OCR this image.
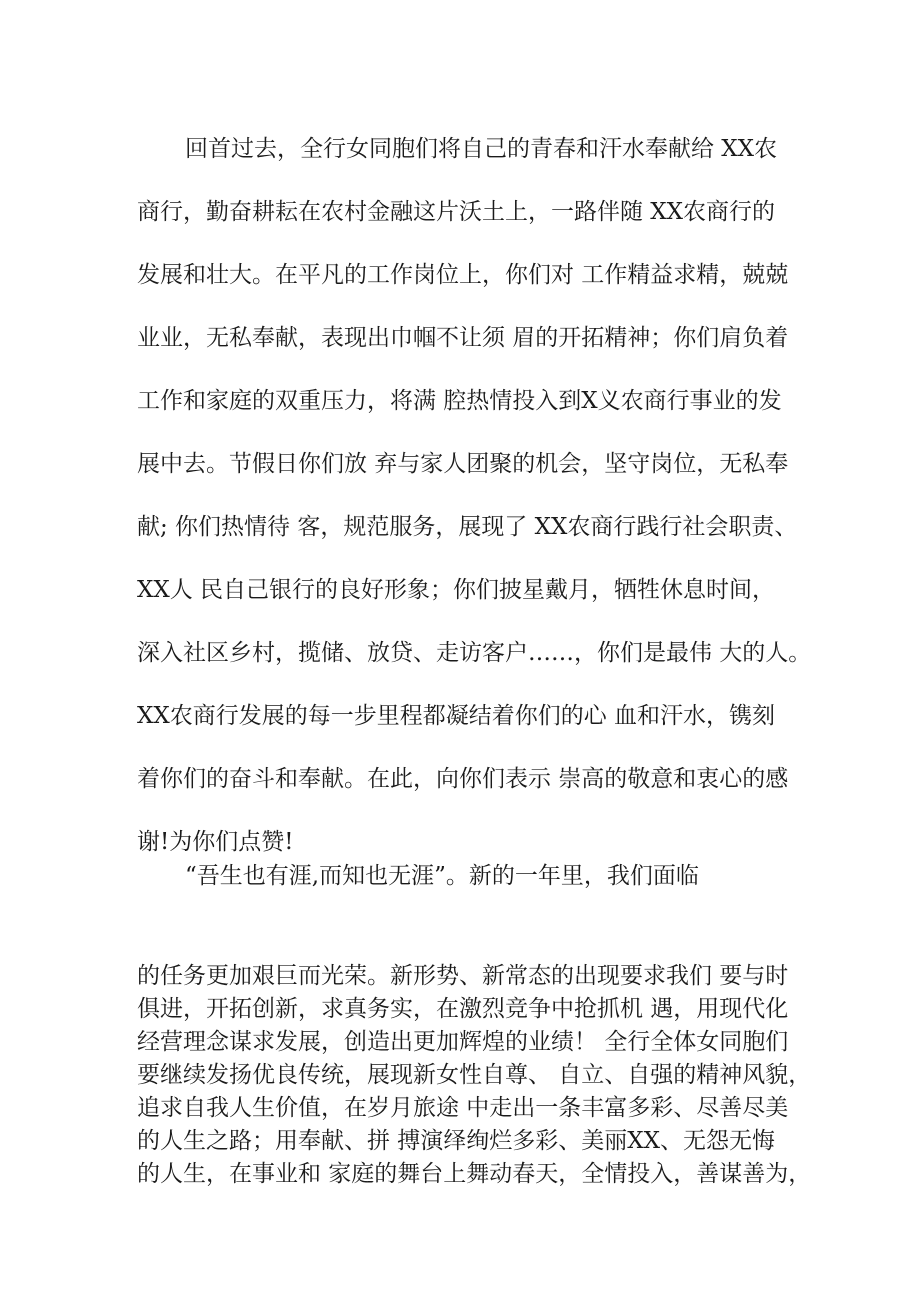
回首过去，全行女同胞们将自己的青春和汗水奉献给 XX农
商行，勤奋耕耘在农村金融这片沃土上，一路伴随 XX农商行的
发展和壮大。在平凡的工作岗位上，你们对 工作精益求精，兢兢
业业，无私奉献，表现出巾帼不让须 眉的开拓精神；你们肩负着
工作和家庭的双重压力，将满 腔热情投入到X义农商行事业的发
展中去。节假日你们放 弃与家人团聚的机会，坚守岗位，无私奉
献; 你们热情待 客，规范服务，展现了 XX农商行践行社会职责、
XX人 民自己银行的良好形象；你们披星戴月，牺牲休息时间，
深入社区乡村，揽储、放贷、走访客户……，你们是最伟 大的人。
XX农商行发展的每一步里程都凝结着你们的心 血和汗水，镌刻
着你们的奋斗和奉献。在此，向你们表示 崇高的敬意和衷心的感
谢!为你们点赞!
“吾生也有涯,而知也无涯”。新的一年里，我们面临
的任务更加艰巨而光荣。新形势、新常态的出现要求我们 要与时
俱进，开拓创新，求真务实，在激烈竞争中抢抓机 遇，用现代化
经营理念谋求发展，创造出更加辉煌的业绩！ 全行全体女同胞们
要继续发扬优良传统，展现新女性自尊、 自立、自强的精神风貌，
追求自我人生价值，在岁月旅途 中走出一条丰富多彩、尽善尽美
的人生之路；用奉献、拼 搏演绎绚烂多彩、美丽XX、无怨无悔
的人生，在事业和 家庭的舞台上舞动春天，全情投入，善谋善为，
